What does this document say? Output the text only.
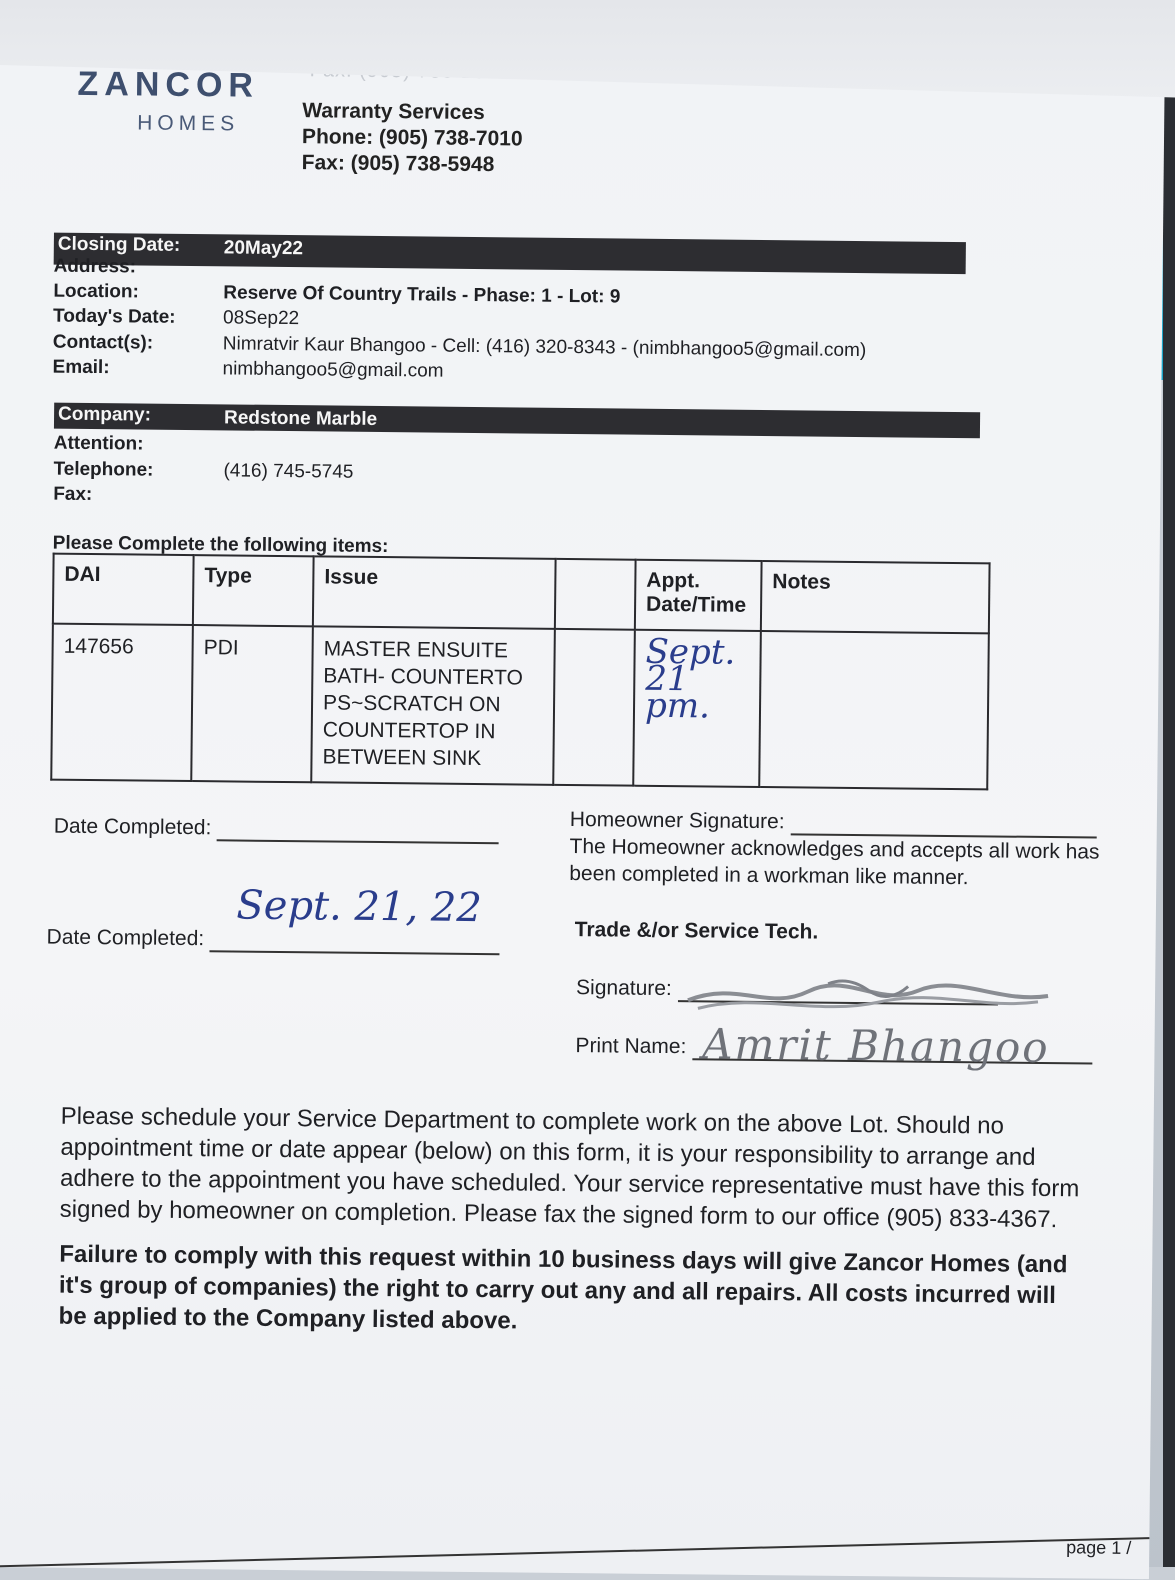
ZANCOR
HOMES	Warranty Services
Phone: (905) 738-7010
Fax: (905) 738-5948
Closing Date: 20May22
Address:
Location:	Reserve Of Country Trails - Phase: 1 - Lot: 9
Today's Date: 08Sep22
Contact(s):	Nimratvir Kaur Bhangoo - Cell: (416) 320-8343 - (nimbhangoo5@gmail.com)
Email:	nimbhangoo5@gmail.com
Company:	Redstone Marble
Attention:
Telephone:	(416) 745-5745
Fax:
Please Complete the following items:
DAI	Type	Issue		Appt. Date/Time	Notes
147656	PDI	MASTER ENSUITE BATH- COUNTERTO PS~SCRATCH ON COUNTERTOP IN BETWEEN SINK		Sept. 21 pm.	
Date Completed:	Homeowner Signature:
The Homeowner acknowledges and accepts all work has been completed in a workman like manner.
Date Completed:
Sept. 21, 22	Trade &/or Service Tech.
Signature:
Print Name: Amrit Bhangoo
Please schedule your Service Department to complete work on the above Lot. Should no appointment time or date appear (below) on this form, it is your responsibility to arrange and adhere to the appointment you have scheduled. Your service representative must have this form signed by homeowner on completion. Please fax the signed form to our office (905) 833-4367.
Failure to comply with this request within 10 business days will give Zancor Homes (and it's group of companies) the right to carry out any and all repairs. All costs incurred will be applied to the Company listed above.
page 1 /
